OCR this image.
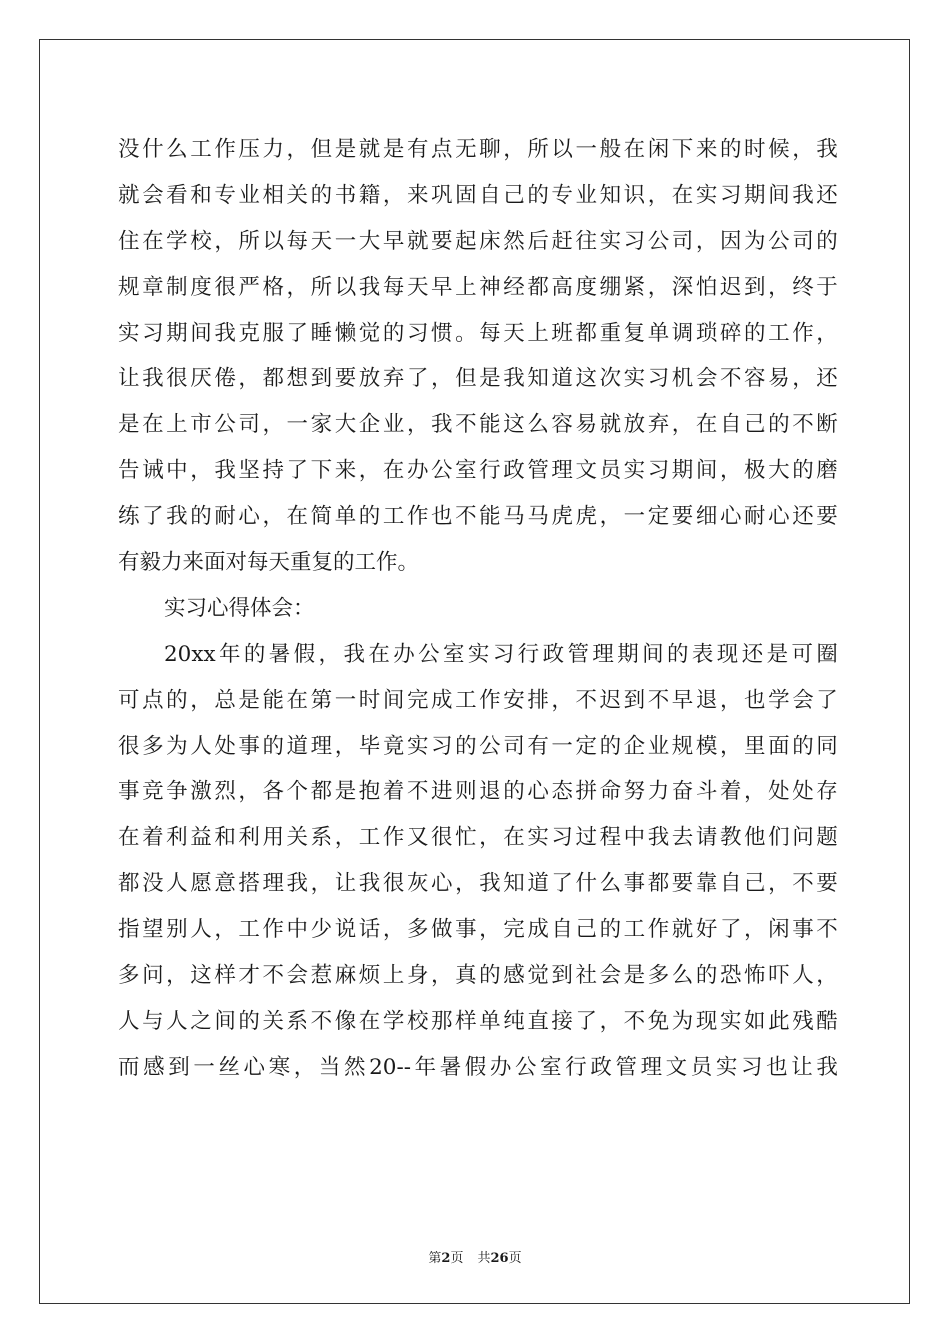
没 什 么 工 作 压 力 ， 但 是 就 是 有 点 无 聊 ， 所 以 一 般 在 闲 下 来 的 时 候 ， 我
就 会 看 和 专 业 相 关 的 书 籍 ， 来 巩 固 自 己 的 专 业 知 识 ， 在 实 习 期 间 我 还
住 在 学 校 ， 所 以 每 天 一 大 早 就 要 起 床 然 后 赶 往 实 习 公 司 ， 因 为 公 司 的
规 章 制 度 很 严 格 ， 所 以 我 每 天 早 上 神 经 都 高 度 绷 紧 ， 深 怕 迟 到 ， 终 于
实 习 期 间 我 克 服 了 睡 懒 觉 的 习 惯 。 每 天 上 班 都 重 复 单 调 琐 碎 的 工 作 ，
让 我 很 厌 倦 ， 都 想 到 要 放 弃 了 ， 但 是 我 知 道 这 次 实 习 机 会 不 容 易 ， 还
是 在 上 市 公 司 ， 一 家 大 企 业 ， 我 不 能 这 么 容 易 就 放 弃 ， 在 自 己 的 不 断
告 诫 中 ， 我 坚 持 了 下 来 ， 在 办 公 室 行 政 管 理 文 员 实 习 期 间 ， 极 大 的 磨
练 了 我 的 耐 心 ， 在 简 单 的 工 作 也 不 能 马 马 虎 虎 ， 一 定 要 细 心 耐 心 还 要
有毅力来面对每天重复的工作。
实习心得体会：
20xx 年 的 暑 假 ， 我 在 办 公 室 实 习 行 政 管 理 期 间 的 表 现 还 是 可 圈
可 点 的 ， 总 是 能 在 第 一 时 间 完 成 工 作 安 排 ， 不 迟 到 不 早 退 ， 也 学 会 了
很 多 为 人 处 事 的 道 理 ， 毕 竟 实 习 的 公 司 有 一 定 的 企 业 规 模 ， 里 面 的 同
事 竞 争 激 烈 ， 各 个 都 是 抱 着 不 进 则 退 的 心 态 拼 命 努 力 奋 斗 着 ， 处 处 存
在 着 利 益 和 利 用 关 系 ， 工 作 又 很 忙 ， 在 实 习 过 程 中 我 去 请 教 他 们 问 题
都 没 人 愿 意 搭 理 我 ， 让 我 很 灰 心 ， 我 知 道 了 什 么 事 都 要 靠 自 己 ， 不 要
指 望 别 人 ， 工 作 中 少 说 话 ， 多 做 事 ， 完 成 自 己 的 工 作 就 好 了 ， 闲 事 不
多 问 ， 这 样 才 不 会 惹 麻 烦 上 身 ， 真 的 感 觉 到 社 会 是 多 么 的 恐 怖 吓 人 ，
人 与 人 之 间 的 关 系 不 像 在 学 校 那 样 单 纯 直 接 了 ， 不 免 为 现 实 如 此 残 酷
而 感 到 一 丝 心 寒 ， 当 然 20-- 年 暑 假 办 公 室 行 政 管 理 文 员 实 习 也 让 我
第2页 共26页
